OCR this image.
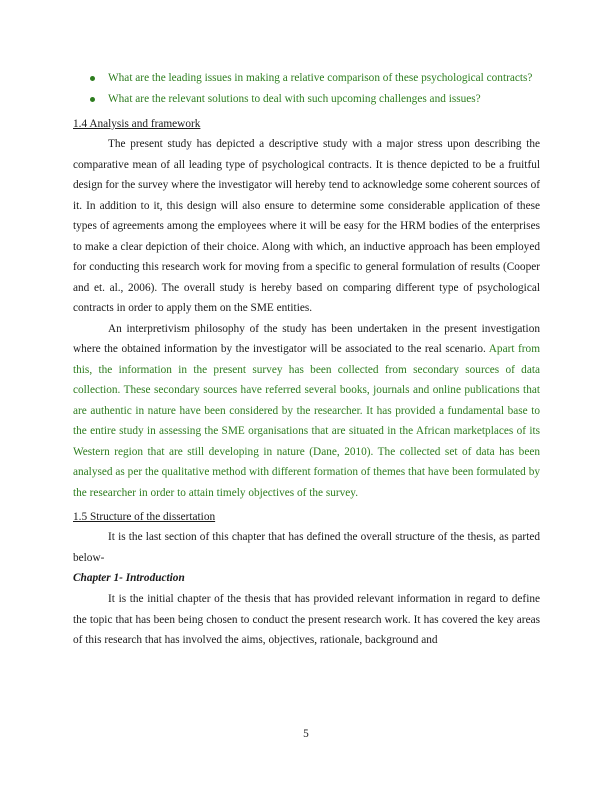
What are the leading issues in making a relative comparison of these psychological contracts?
What are the relevant solutions to deal with such upcoming challenges and issues?

1.4 Analysis and framework

The present study has depicted a descriptive study with a major stress upon describing the comparative mean of all leading type of psychological contracts. It is thence depicted to be a fruitful design for the survey where the investigator will hereby tend to acknowledge some coherent sources of it. In addition to it, this design will also ensure to determine some considerable application of these types of agreements among the employees where it will be easy for the HRM bodies of the enterprises to make a clear depiction of their choice. Along with which, an inductive approach has been employed for conducting this research work for moving from a specific to general formulation of results (Cooper and et. al., 2006). The overall study is hereby based on comparing different type of psychological contracts in order to apply them on the SME entities.

An interpretivism philosophy of the study has been undertaken in the present investigation where the obtained information by the investigator will be associated to the real scenario. Apart from this, the information in the present survey has been collected from secondary sources of data collection. These secondary sources have referred several books, journals and online publications that are authentic in nature have been considered by the researcher. It has provided a fundamental base to the entire study in assessing the SME organisations that are situated in the African marketplaces of its Western region that are still developing in nature (Dane, 2010). The collected set of data has been analysed as per the qualitative method with different formation of themes that have been formulated by the researcher in order to attain timely objectives of the survey.

1.5 Structure of the dissertation

It is the last section of this chapter that has defined the overall structure of the thesis, as parted below-

Chapter 1- Introduction

It is the initial chapter of the thesis that has provided relevant information in regard to define the topic that has been being chosen to conduct the present research work. It has covered the key areas of this research that has involved the aims, objectives, rationale, background and

5
